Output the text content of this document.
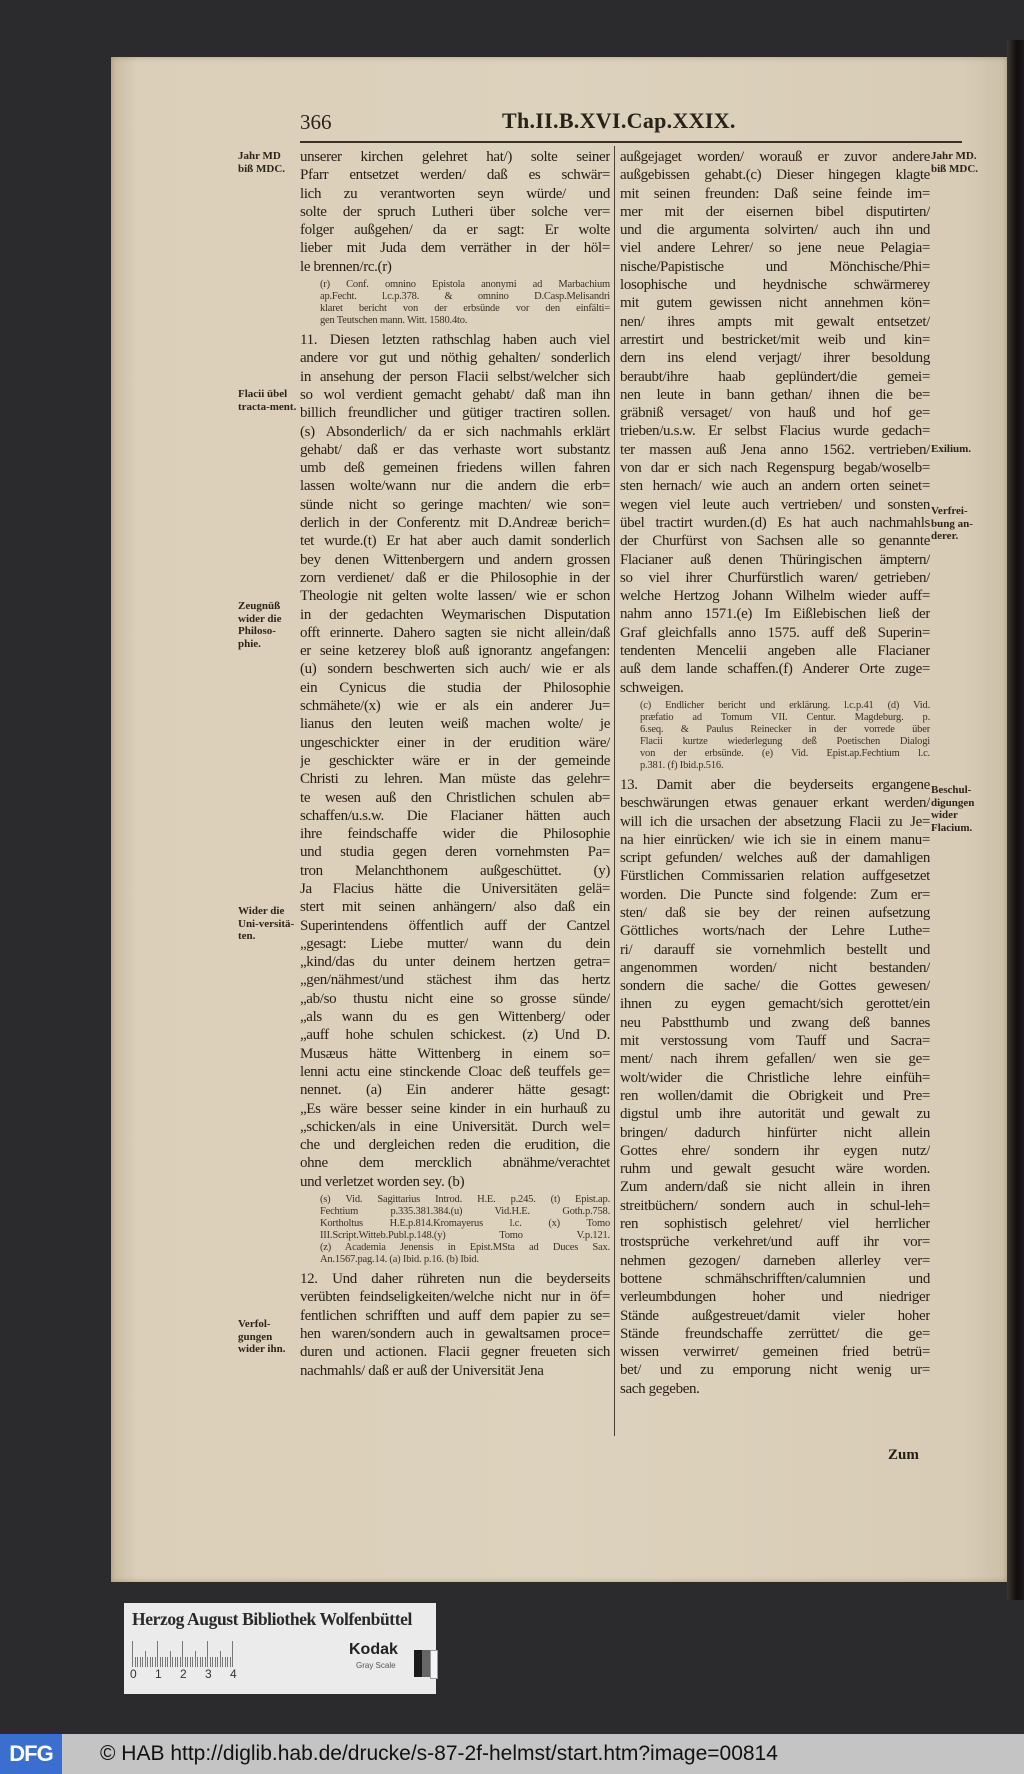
366	Th.II.B.XVI.Cap.XXIX.
unserer kirchen gelehret hat/) solte seiner
Pfarr entsetzet werden/ daß es schwär=
lich zu verantworten seyn würde/ und
solte der spruch Lutheri über solche ver=
folger außgehen/ da er sagt: Er wolte
lieber mit Juda dem verräther in der höl=
le brennen/rc.(r)
(r) Conf. omnino Epistola anonymi ad Marbachium
ap.Fecht. l.c.p.378. & omnino D.Casp.Melisandri
klaret bericht von der erbsünde vor den einfälti=
gen Teutschen mann. Witt. 1580.4to.
11. Diesen letzten rathschlag haben auch viel
andere vor gut und nöthig gehalten/ sonderlich
in ansehung der person Flacii selbst/welcher sich
so wol verdient gemacht gehabt/ daß man ihn
billich freundlicher und gütiger tractiren sollen.
(s) Absonderlich/ da er sich nachmahls erklärt
gehabt/ daß er das verhaste wort substantz
umb deß gemeinen friedens willen fahren
lassen wolte/wann nur die andern die erb=
sünde nicht so geringe machten/ wie son=
derlich in der Conferentz mit D.Andreæ berich=
tet wurde.(t) Er hat aber auch damit sonderlich
bey denen Wittenbergern und andern grossen
zorn verdienet/ daß er die Philosophie in der
Theologie nit gelten wolte lassen/ wie er schon
in der gedachten Weymarischen Disputation
offt erinnerte. Dahero sagten sie nicht allein/daß
er seine ketzerey bloß auß ignorantz angefangen:
(u) sondern beschwerten sich auch/ wie er als
ein Cynicus die studia der Philosophie
schmähete/(x) wie er als ein anderer Ju=
lianus den leuten weiß machen wolte/ je
ungeschickter einer in der erudition wäre/
je geschickter wäre er in der gemeinde
Christi zu lehren. Man müste das gelehr=
te wesen auß den Christlichen schulen ab=
schaffen/u.s.w. Die Flacianer hätten auch
ihre feindschaffe wider die Philosophie
und studia gegen deren vornehmsten Pa=
tron Melanchthonem außgeschüttet. (y)
Ja Flacius hätte die Universitäten gelä=
stert mit seinen anhängern/ also daß ein
Superintendens öffentlich auff der Cantzel
„gesagt: Liebe mutter/ wann du dein
„kind/das du unter deinem hertzen getra=
„gen/nähmest/und stächest ihm das hertz
„ab/so thustu nicht eine so grosse sünde/
„als wann du es gen Wittenberg/ oder
„auff hohe schulen schickest. (z) Und D.
Musæus hätte Wittenberg in einem so=
lenni actu eine stinckende Cloac deß teuffels ge=
nennet. (a) Ein anderer hätte gesagt:
„Es wäre besser seine kinder in ein hurhauß zu
„schicken/als in eine Universität. Durch wel=
che und dergleichen reden die erudition, die
ohne dem mercklich abnähme/verachtet
und verletzet worden sey. (b)
(s) Vid. Sagittarius Introd. H.E. p.245. (t) Epist.ap.
Fechtium p.335.381.384.(u) Vid.H.E. Goth.p.758.
Kortholtus H.E.p.814.Kromayerus l.c. (x) Tomo
III.Script.Witteb.Publ.p.148.(y) Tomo V.p.121.
(z) Academia Jenensis in Epist.MSta ad Duces Sax.
An.1567.pag.14. (a) Ibid. p.16. (b) Ibid.
12. Und daher rühreten nun die beyderseits
verübten feindseligkeiten/welche nicht nur in öf=
fentlichen schrifften und auff dem papier zu se=
hen waren/sondern auch in gewaltsamen proce=
duren und actionen. Flacii gegner freueten sich
nachmahls/ daß er auß der Universität Jena
außgejaget worden/ worauß er zuvor andere
außgebissen gehabt.(c) Dieser hingegen klagte
mit seinen freunden: Daß seine feinde im=
mer mit der eisernen bibel disputirten/
und die argumenta solvirten/ auch ihn und
viel andere Lehrer/ so jene neue Pelagia=
nische/Papistische und Mönchische/Phi=
losophische und heydnische schwärmerey
mit gutem gewissen nicht annehmen kön=
nen/ ihres ampts mit gewalt entsetzet/
arrestirt und bestricket/mit weib und kin=
dern ins elend verjagt/ ihrer besoldung
beraubt/ihre haab geplündert/die gemei=
nen leute in bann gethan/ ihnen die be=
gräbniß versaget/ von hauß und hof ge=
trieben/u.s.w. Er selbst Flacius wurde gedach=
ter massen auß Jena anno 1562. vertrieben/
von dar er sich nach Regenspurg begab/woselb=
sten hernach/ wie auch an andern orten seinet=
wegen viel leute auch vertrieben/ und sonsten
übel tractirt wurden.(d) Es hat auch nachmahls
der Churfürst von Sachsen alle so genannte
Flacianer auß denen Thüringischen ämptern/
so viel ihrer Churfürstlich waren/ getrieben/
welche Hertzog Johann Wilhelm wieder auff=
nahm anno 1571.(e) Im Eißlebischen ließ der
Graf gleichfalls anno 1575. auff deß Superin=
tendenten Mencelii angeben alle Flacianer
auß dem lande schaffen.(f) Anderer Orte zuge=
schweigen.
(c) Endlicher bericht und erklärung. l.c.p.41 (d) Vid.
præfatio ad Tomum VII. Centur. Magdeburg. p.
6.seq. & Paulus Reinecker in der vorrede über
Flacii kurtze wiederlegung deß Poetischen Dialogi
von der erbsünde. (e) Vid. Epist.ap.Fechtium l.c.
p.381. (f) Ibid.p.516.
13. Damit aber die beyderseits ergangene
beschwärungen etwas genauer erkant werden/
will ich die ursachen der absetzung Flacii zu Je=
na hier einrücken/ wie ich sie in einem manu=
script gefunden/ welches auß der damahligen
Fürstlichen Commissarien relation auffgesetzet
worden. Die Puncte sind folgende: Zum er=
sten/ daß sie bey der reinen aufsetzung
Göttliches worts/nach der Lehre Luthe=
ri/ darauff sie vornehmlich bestellt und
angenommen worden/ nicht bestanden/
sondern die sache/ die Gottes gewesen/
ihnen zu eygen gemacht/sich gerottet/ein
neu Pabstthumb und zwang deß bannes
mit verstossung vom Tauff und Sacra=
ment/ nach ihrem gefallen/ wen sie ge=
wolt/wider die Christliche lehre einfüh=
ren wollen/damit die Obrigkeit und Pre=
digstul umb ihre autorität und gewalt zu
bringen/ dadurch hinfürter nicht allein
Gottes ehre/ sondern ihr eygen nutz/
ruhm und gewalt gesucht wäre worden.
Zum andern/daß sie nicht allein in ihren
streitbüchern/ sondern auch in schul-leh=
ren sophistisch gelehret/ viel herrlicher
trostsprüche verkehret/und auff ihr vor=
nehmen gezogen/ darneben allerley ver=
bottene schmähschrifften/calumnien und
verleumbdungen hoher und niedriger
Stände außgestreuet/damit vieler hoher
Stände freundschaffe zerrüttet/ die ge=
wissen verwirret/ gemeinen fried betrü=
bet/ und zu emporung nicht wenig ur=
sach gegeben.
Jahr MD biß MDC.
Flacii übel tracta-ment.
Zeugnüß wider die Philoso-phie.
Wider die Uni-versitä-ten.
Verfol-gungen wider ihn.
Jahr MD. biß MDC.
Exilium.
Verfrei-bung an-derer.
Beschul-digungen wider Flacium.
Zum
Herzog August Bibliothek Wolfenbüttel
0 1 2 3 4
Kodak
Gray Scale
DFG	© HAB http://diglib.hab.de/drucke/s-87-2f-helmst/start.htm?image=00814
